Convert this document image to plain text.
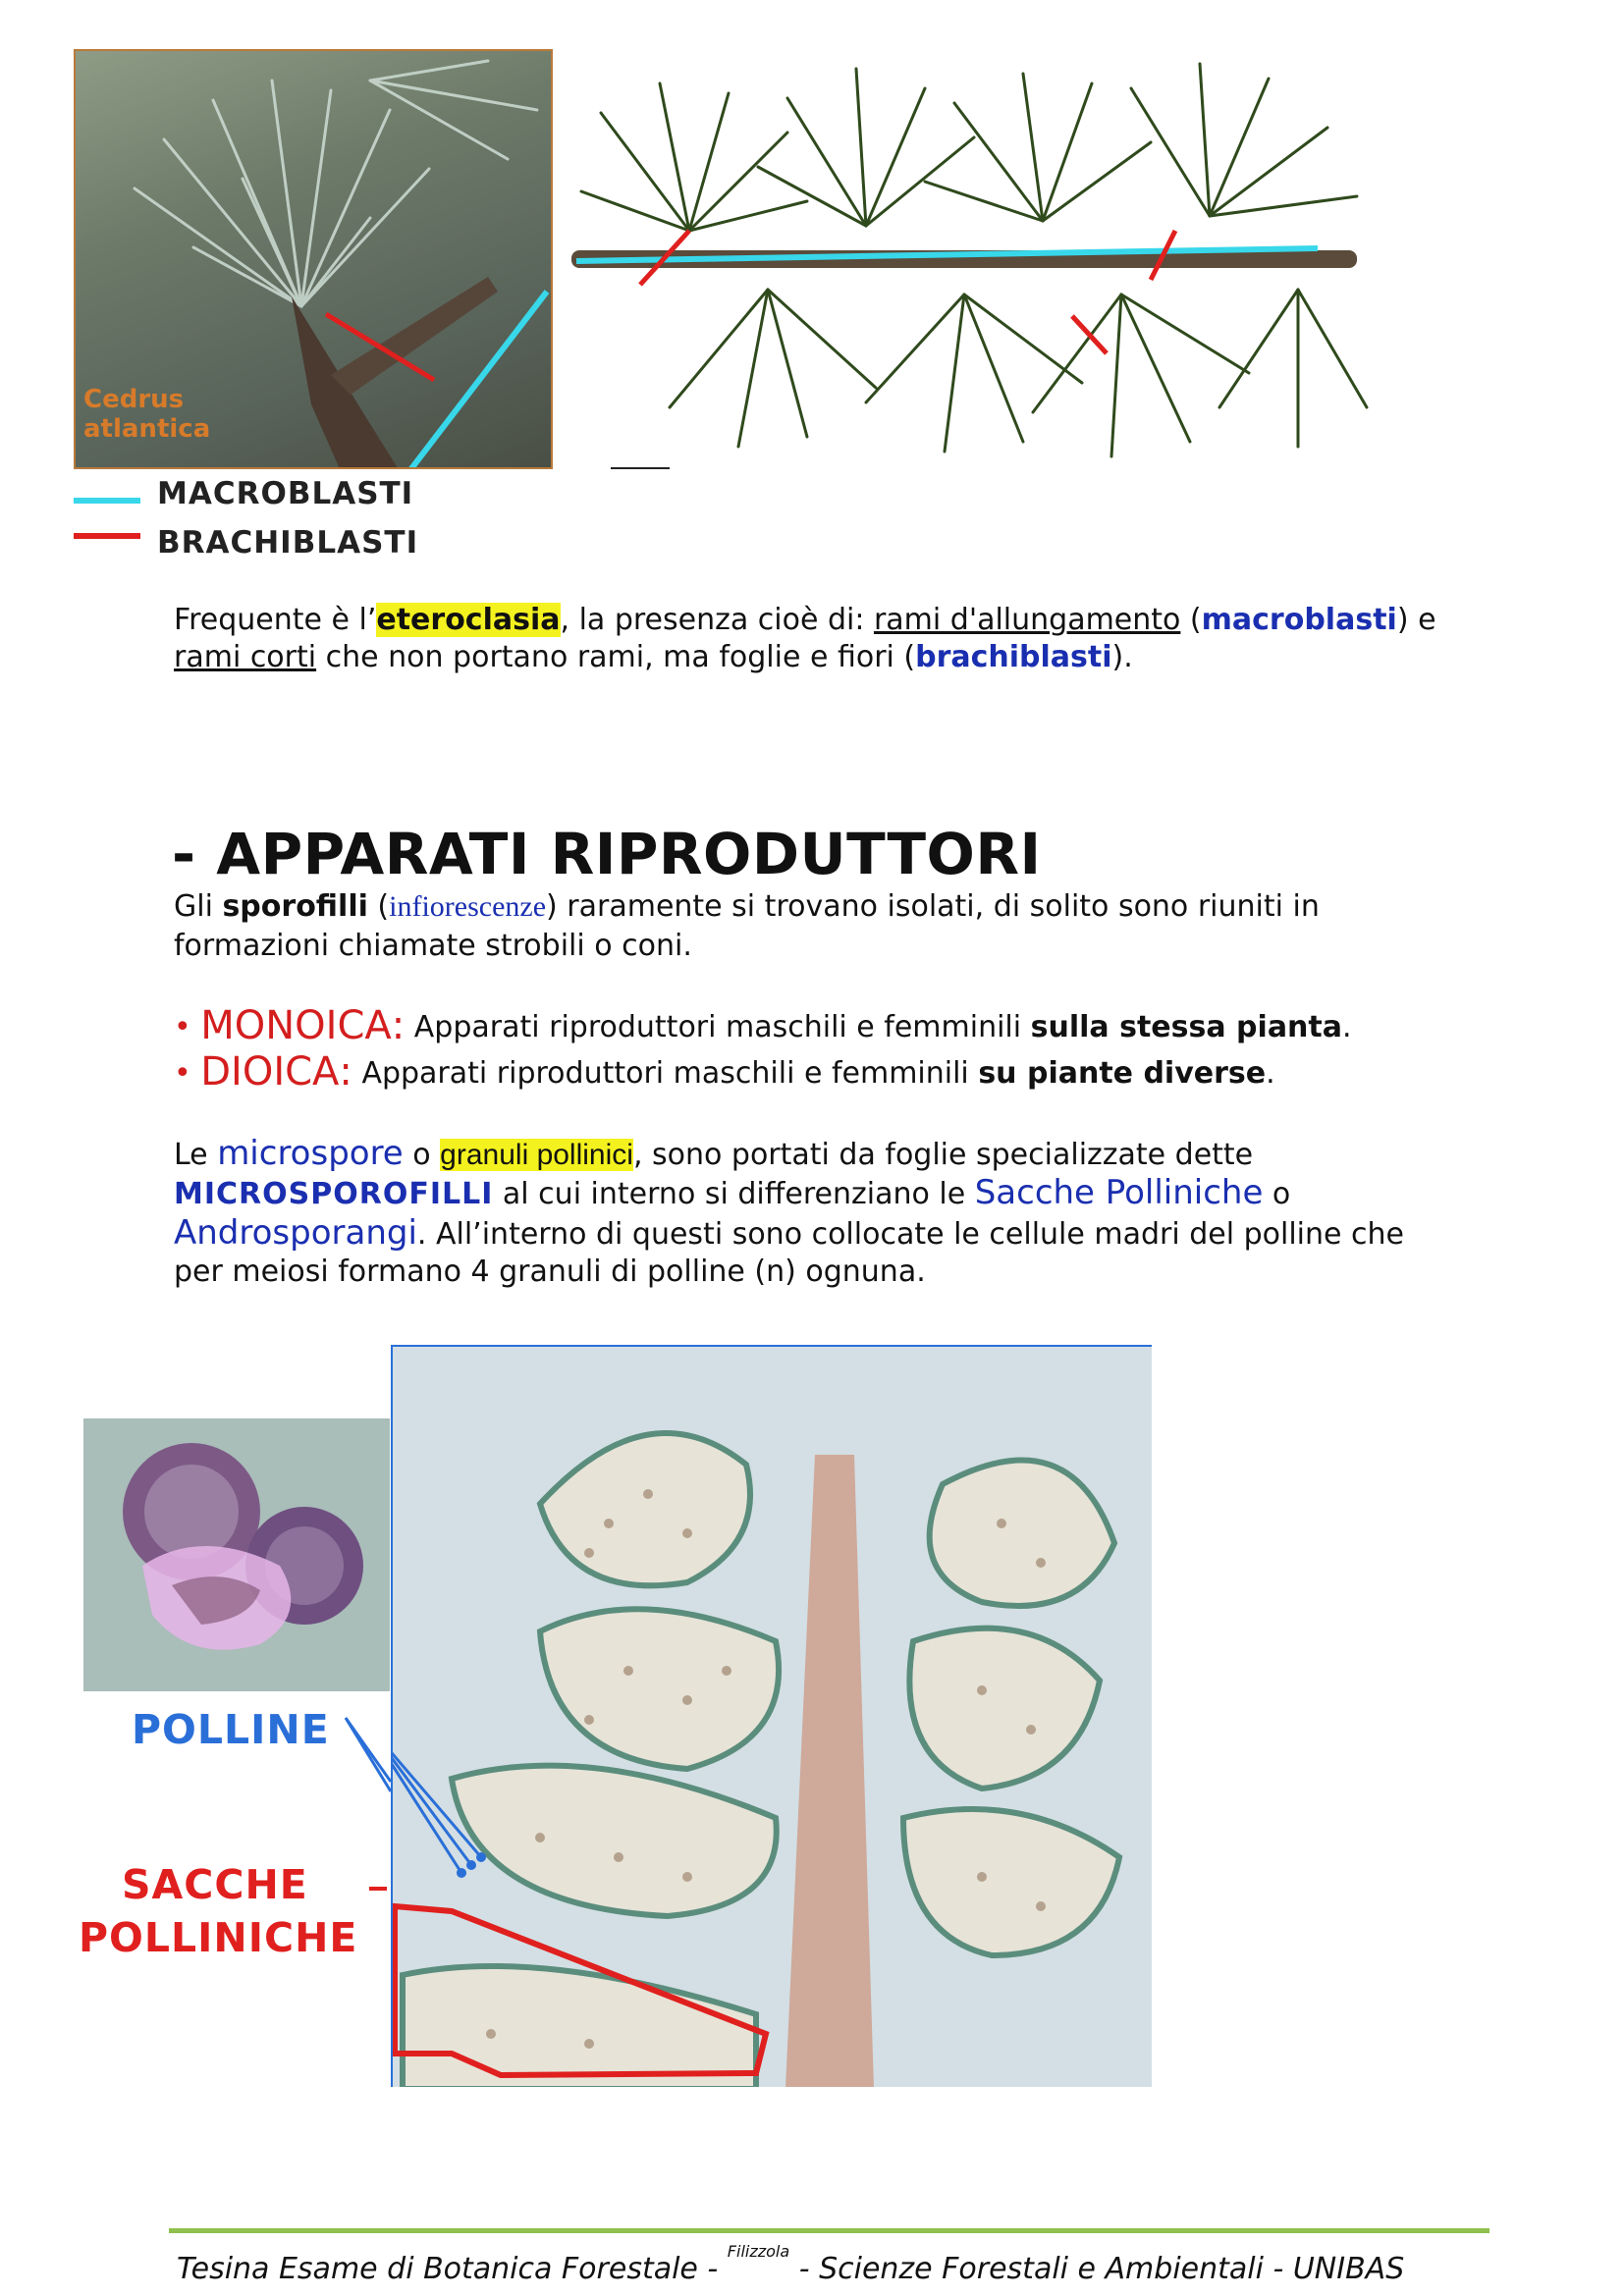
Cedrus
atlantica
MACROBLASTI
BRACHIBLASTI
Frequente è l’eteroclasia, la presenza cioè di: rami d'allungamento (macroblasti) e
rami corti che non portano rami, ma foglie e fiori (brachiblasti).
- APPARATI RIPRODUTTORI
Gli sporofilli (infiorescenze) raramente si trovano isolati, di solito sono riuniti in
formazioni chiamate strobili o coni.
• MONOICA: Apparati riproduttori maschili e femminili sulla stessa pianta.
• DIOICA: Apparati riproduttori maschili e femminili su piante diverse.
Le microspore o granuli pollinici, sono portati da foglie specializzate dette
MICROSPOROFILLI al cui interno si differenziano le Sacche Polliniche o
Androsporangi. All’interno di questi sono collocate le cellule madri del polline che
per meiosi formano 4 granuli di polline (n) ognuna.
POLLINE
SACCHE
POLLINICHE
Tesina Esame di Botanica Forestale - $^{Filizzola}$ - Scienze Forestali e Ambientali - UNIBAS
